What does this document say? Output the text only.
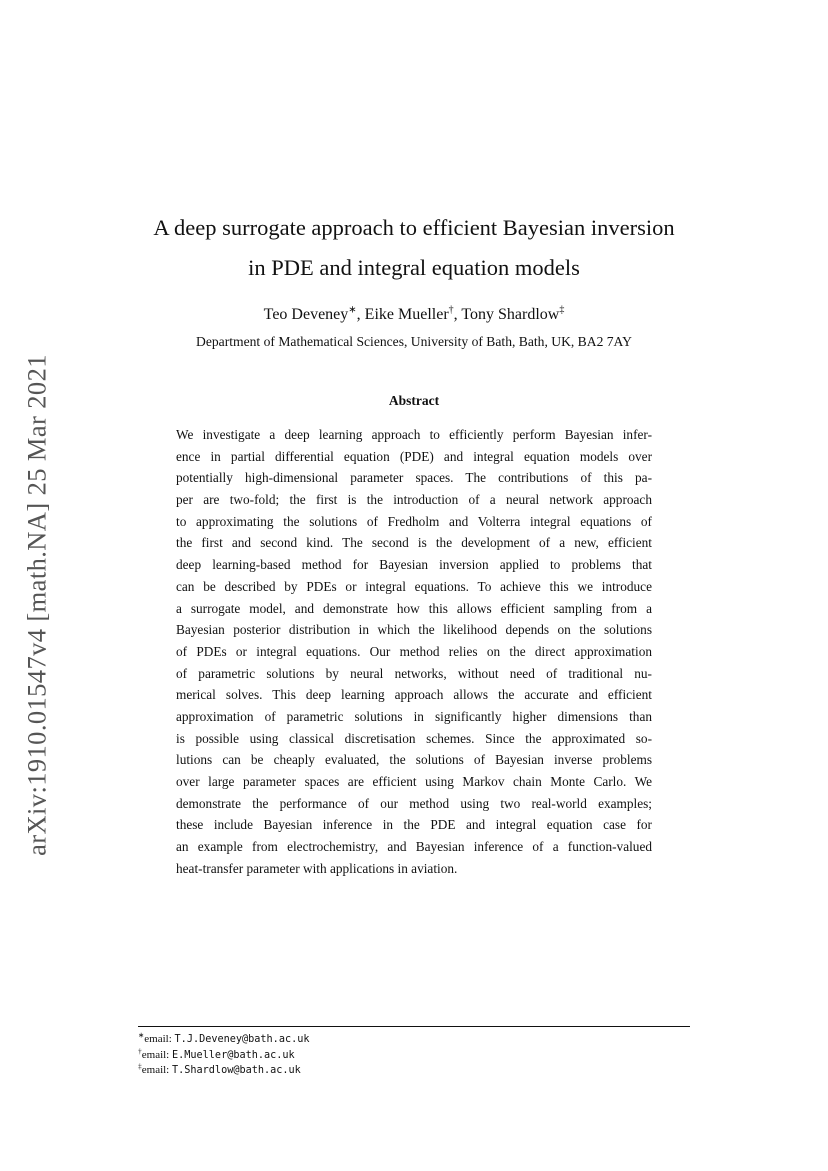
arXiv:1910.01547v4 [math.NA] 25 Mar 2021
A deep surrogate approach to efficient Bayesian inversion
in PDE and integral equation models
Teo Deveney∗, Eike Mueller†, Tony Shardlow‡
Department of Mathematical Sciences, University of Bath, Bath, UK, BA2 7AY
Abstract
We investigate a deep learning approach to efficiently perform Bayesian infer-
ence in partial differential equation (PDE) and integral equation models over
potentially high-dimensional parameter spaces. The contributions of this pa-
per are two-fold; the first is the introduction of a neural network approach
to approximating the solutions of Fredholm and Volterra integral equations of
the first and second kind. The second is the development of a new, efficient
deep learning-based method for Bayesian inversion applied to problems that
can be described by PDEs or integral equations. To achieve this we introduce
a surrogate model, and demonstrate how this allows efficient sampling from a
Bayesian posterior distribution in which the likelihood depends on the solutions
of PDEs or integral equations. Our method relies on the direct approximation
of parametric solutions by neural networks, without need of traditional nu-
merical solves. This deep learning approach allows the accurate and efficient
approximation of parametric solutions in significantly higher dimensions than
is possible using classical discretisation schemes. Since the approximated so-
lutions can be cheaply evaluated, the solutions of Bayesian inverse problems
over large parameter spaces are efficient using Markov chain Monte Carlo. We
demonstrate the performance of our method using two real-world examples;
these include Bayesian inference in the PDE and integral equation case for
an example from electrochemistry, and Bayesian inference of a function-valued
heat-transfer parameter with applications in aviation.
∗email: T.J.Deveney@bath.ac.uk
†email: E.Mueller@bath.ac.uk
‡email: T.Shardlow@bath.ac.uk
